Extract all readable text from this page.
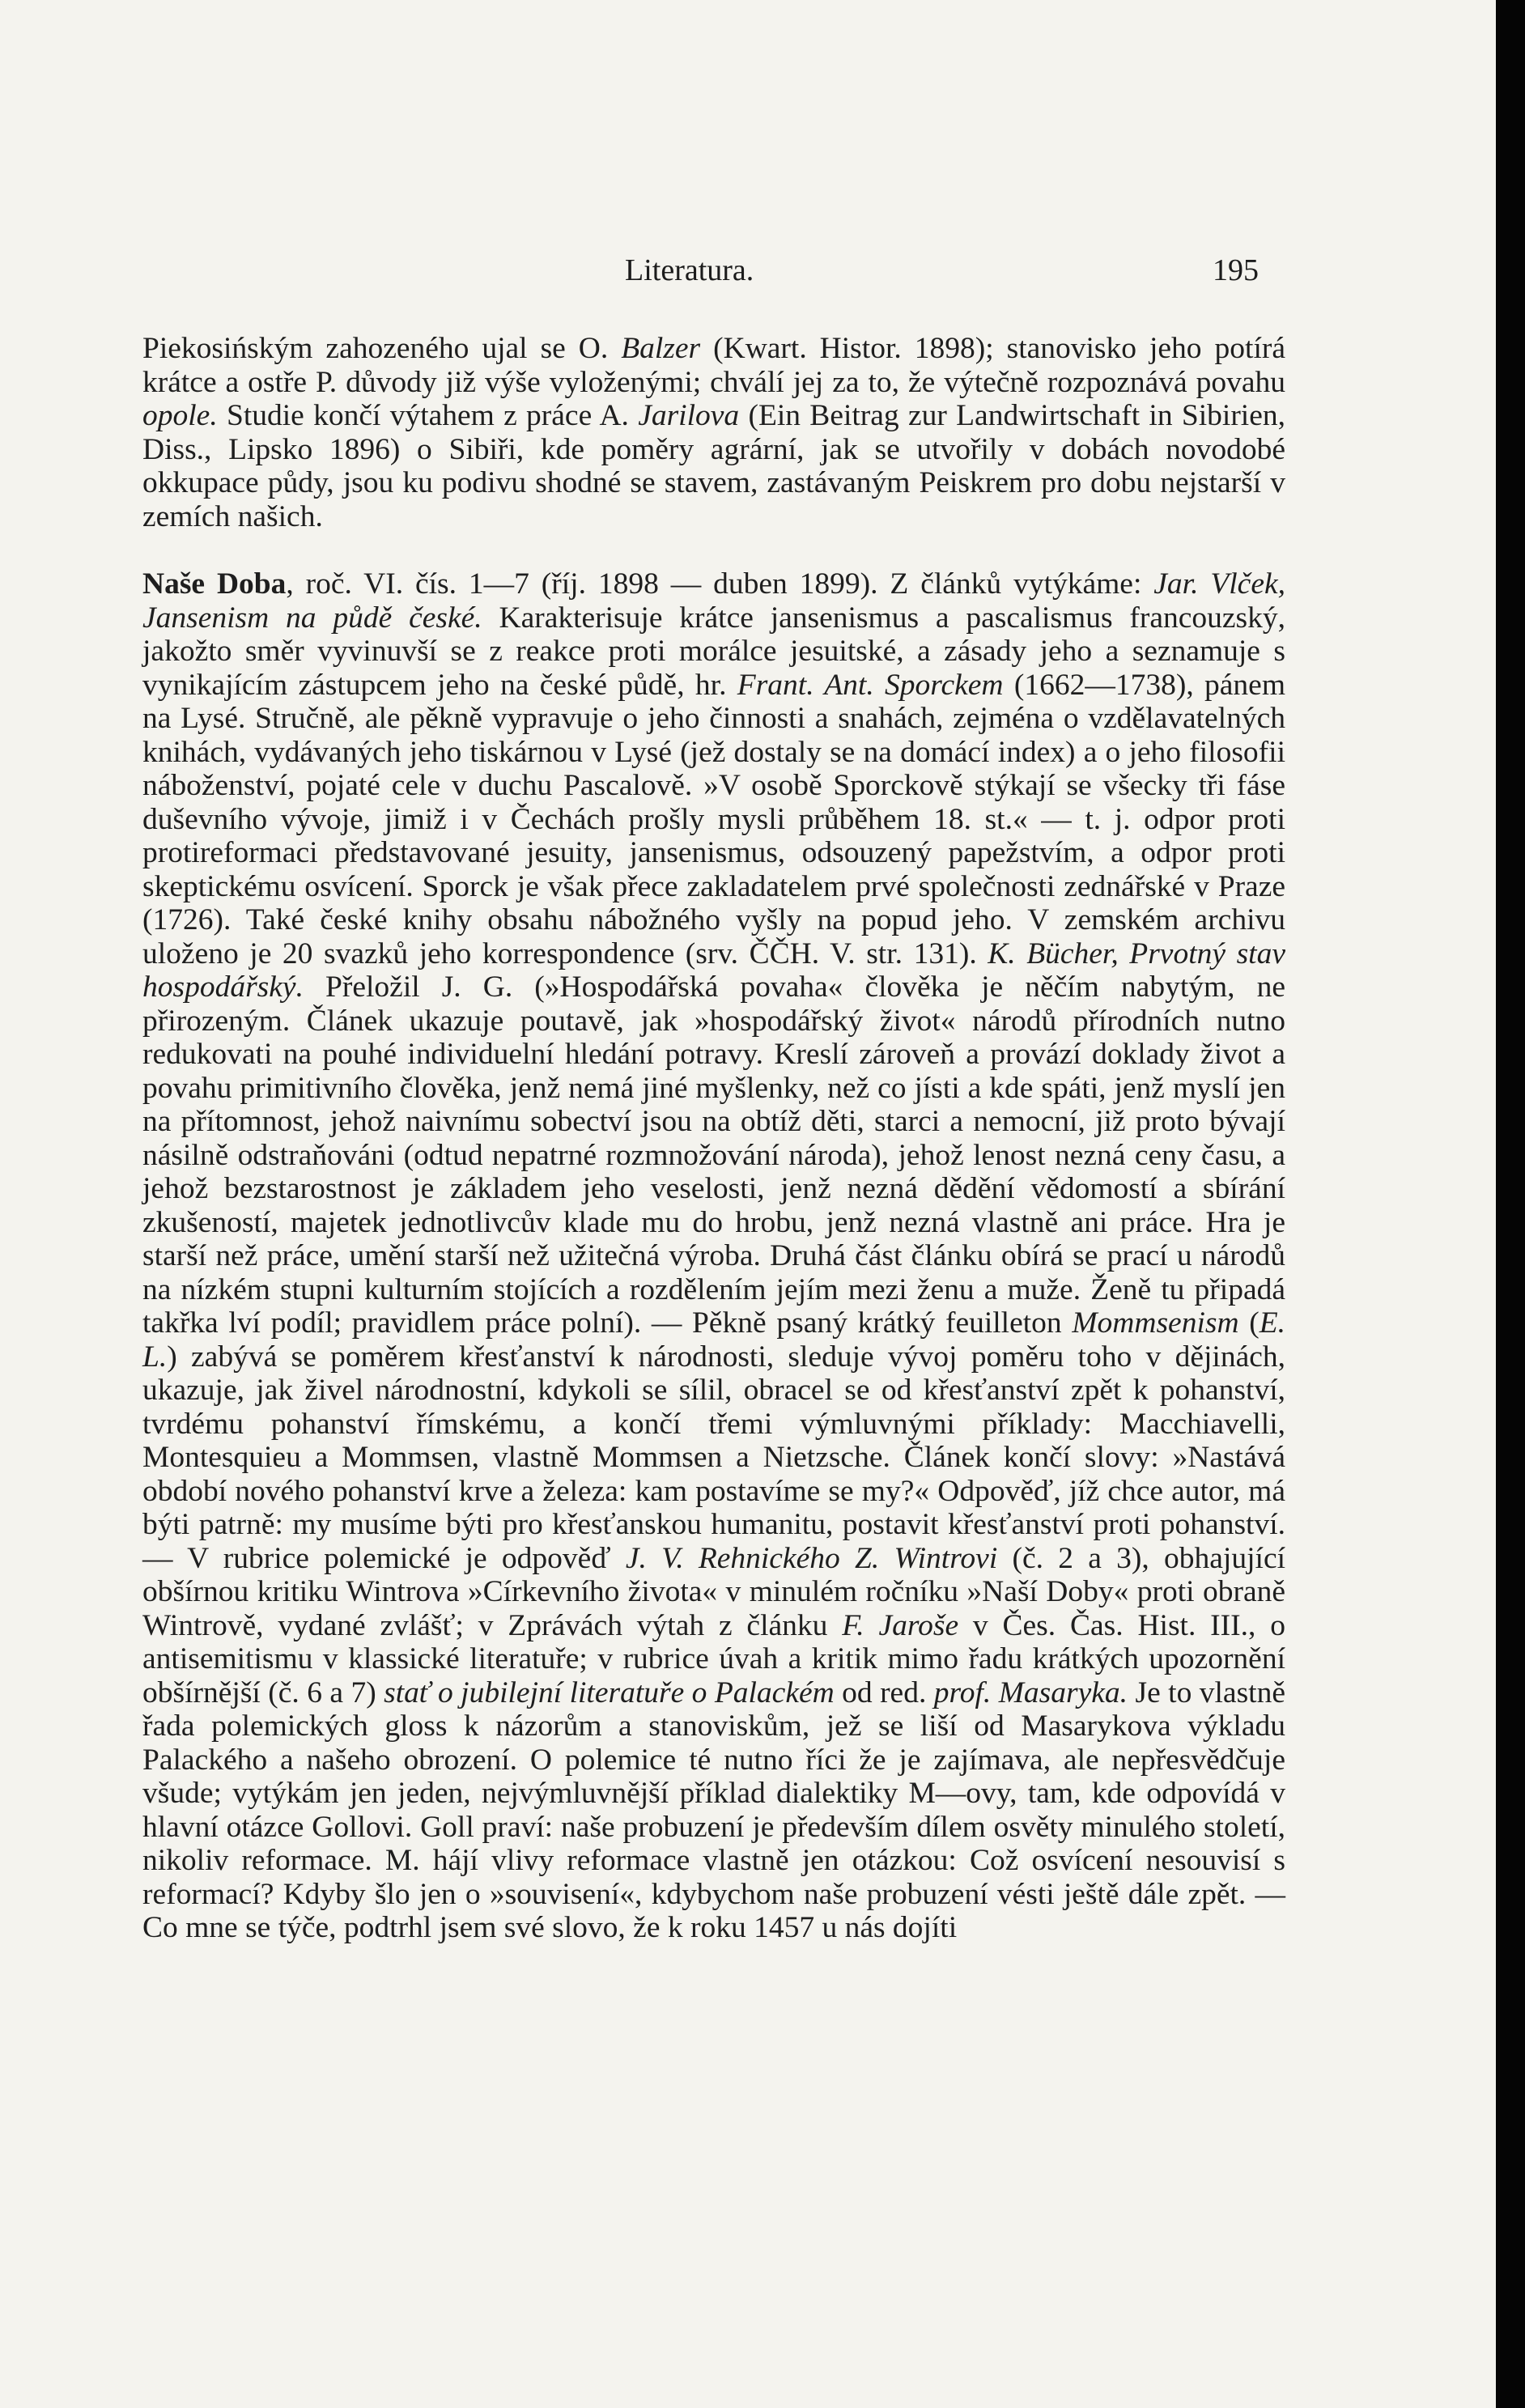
Literatura.	195

Piekosińským zahozeného ujal se O. Balzer (Kwart. Histor. 1898); stanovisko jeho potírá krátce a ostře P. důvody již výše vyloženými; chválí jej za to, že výtečně rozpoznává povahu opole. Studie končí výtahem z práce A. Jarilova (Ein Beitrag zur Landwirtschaft in Sibirien, Diss., Lipsko 1896) o Sibiři, kde poměry agrární, jak se utvořily v dobách novodobé okkupace půdy, jsou ku podivu shodné se stavem, zastávaným Peiskrem pro dobu nejstarší v zemích našich.

Naše Doba, roč. VI. čís. 1—7 (říj. 1898 — duben 1899). Z článků vytýkáme: Jar. Vlček, Jansenism na půdě české. Karakterisuje krátce jansenismus a pascalismus francouzský, jakožto směr vyvinuvší se z reakce proti morálce jesuitské, a zásady jeho a seznamuje s vynikajícím zástupcem jeho na české půdě, hr. Frant. Ant. Sporckem (1662—1738), pánem na Lysé. Stručně, ale pěkně vypravuje o jeho činnosti a snahách, zejména o vzdělavatelných knihách, vydávaných jeho tiskárnou v Lysé (jež dostaly se na domácí index) a o jeho filosofii náboženství, pojaté cele v duchu Pascalově. »V osobě Sporckově stýkají se všecky tři fáse duševního vývoje, jimiž i v Čechách prošly mysli průběhem 18. st.« — t. j. odpor proti protireformaci představované jesuity, jansenismus, odsouzený papežstvím, a odpor proti skeptickému osvícení. Sporck je však přece zakladatelem prvé společnosti zednářské v Praze (1726). Také české knihy obsahu nábožného vyšly na popud jeho. V zemském archivu uloženo je 20 svazků jeho korrespondence (srv. ČČH. V. str. 131). K. Bücher, Prvotný stav hospodářský. Přeložil J. G. (»Hospodářská povaha« člověka je něčím nabytým, ne přirozeným. Článek ukazuje poutavě, jak »hospodářský život« národů přírodních nutno redukovati na pouhé individuelní hledání potravy. Kreslí zároveň a provází doklady život a povahu primitivního člověka, jenž nemá jiné myšlenky, než co jísti a kde spáti, jenž myslí jen na přítomnost, jehož naivnímu sobectví jsou na obtíž děti, starci a nemocní, již proto bývají násilně odstraňováni (odtud nepatrné rozmnožování národa), jehož lenost nezná ceny času, a jehož bezstarostnost je základem jeho veselosti, jenž nezná dědění vědomostí a sbírání zkušeností, majetek jednotlivcův klade mu do hrobu, jenž nezná vlastně ani práce. Hra je starší než práce, umění starší než užitečná výroba. Druhá část článku obírá se prací u národů na nízkém stupni kulturním stojících a rozdělením jejím mezi ženu a muže. Ženě tu připadá takřka lví podíl; pravidlem práce polní). — Pěkně psaný krátký feuilleton Mommsenism (E. L.) zabývá se poměrem křesťanství k národnosti, sleduje vývoj poměru toho v dějinách, ukazuje, jak živel národnostní, kdykoli se sílil, obracel se od křesťanství zpět k pohanství, tvrdému pohanství římskému, a končí třemi výmluvnými příklady: Macchiavelli, Montesquieu a Mommsen, vlastně Mommsen a Nietzsche. Článek končí slovy: »Nastává období nového pohanství krve a železa: kam postavíme se my?« Odpověď, jíž chce autor, má býti patrně: my musíme býti pro křesťanskou humanitu, postavit křesťanství proti pohanství. — V rubrice polemické je odpověď J. V. Rehnického Z. Wintrovi (č. 2 a 3), obhajující obšírnou kritiku Wintrova »Církevního života« v minulém ročníku »Naší Doby« proti obraně Wintrově, vydané zvlášť; v Zprávách výtah z článku F. Jaroše v Čes. Čas. Hist. III., o antisemitismu v klassické literatuře; v rubrice úvah a kritik mimo řadu krátkých upozornění obšírnější (č. 6 a 7) stať o jubilejní literatuře o Palackém od red. prof. Masaryka. Je to vlastně řada polemických gloss k názorům a stanoviskům, jež se liší od Masarykova výkladu Palackého a našeho obrození. O polemice té nutno říci že je zajímava, ale nepřesvědčuje všude; vytýkám jen jeden, nejvýmluvnější příklad dialektiky M—ovy, tam, kde odpovídá v hlavní otázce Gollovi. Goll praví: naše probuzení je především dílem osvěty minulého století, nikoliv reformace. M. hájí vlivy reformace vlastně jen otázkou: Což osvícení nesouvisí s reformací? Kdyby šlo jen o »souvisení«, kdybychom naše probuzení vésti ještě dále zpět. — Co mne se týče, podtrhl jsem své slovo, že k roku 1457 u nás dojíti
